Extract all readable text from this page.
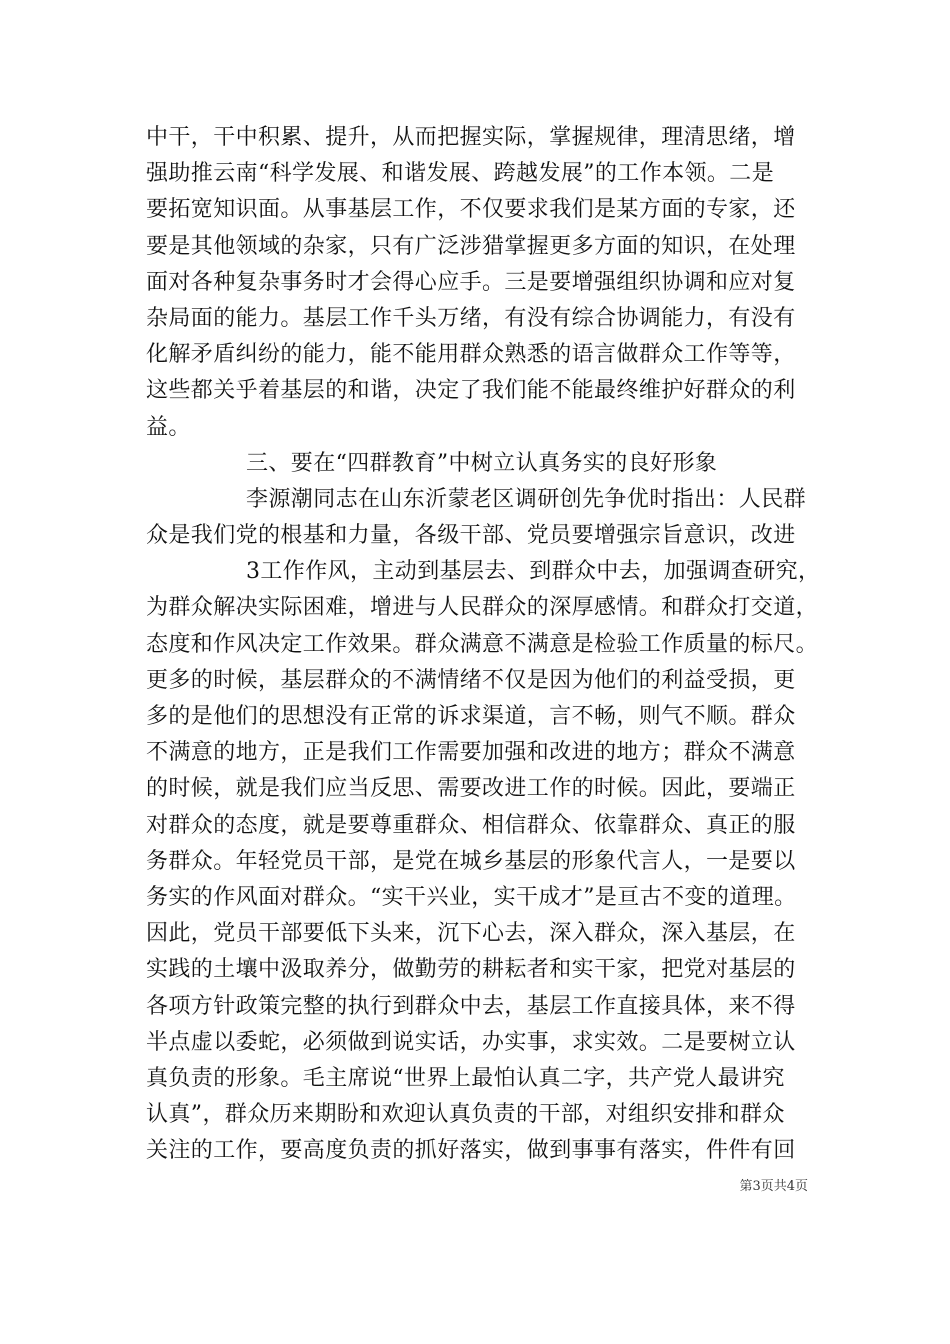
中干，干中积累、提升，从而把握实际，掌握规律，理清思绪，增
强助推云南“科学发展、和谐发展、跨越发展”的工作本领。二是
要拓宽知识面。从事基层工作，不仅要求我们是某方面的专家，还
要是其他领域的杂家，只有广泛涉猎掌握更多方面的知识，在处理
面对各种复杂事务时才会得心应手。三是要增强组织协调和应对复
杂局面的能力。基层工作千头万绪，有没有综合协调能力，有没有
化解矛盾纠纷的能力，能不能用群众熟悉的语言做群众工作等等，
这些都关乎着基层的和谐，决定了我们能不能最终维护好群众的利
益。
三、要在“四群教育”中树立认真务实的良好形象
李源潮同志在山东沂蒙老区调研创先争优时指出：人民群
众是我们党的根基和力量，各级干部、党员要增强宗旨意识，改进
3工作作风，主动到基层去、到群众中去，加强调查研究，
为群众解决实际困难，增进与人民群众的深厚感情。和群众打交道，
态度和作风决定工作效果。群众满意不满意是检验工作质量的标尺。
更多的时候，基层群众的不满情绪不仅是因为他们的利益受损，更
多的是他们的思想没有正常的诉求渠道，言不畅，则气不顺。群众
不满意的地方，正是我们工作需要加强和改进的地方；群众不满意
的时候，就是我们应当反思、需要改进工作的时候。因此，要端正
对群众的态度，就是要尊重群众、相信群众、依靠群众、真正的服
务群众。年轻党员干部，是党在城乡基层的形象代言人，一是要以
务实的作风面对群众。“实干兴业，实干成才”是亘古不变的道理。
因此，党员干部要低下头来，沉下心去，深入群众，深入基层，在
实践的土壤中汲取养分，做勤劳的耕耘者和实干家，把党对基层的
各项方针政策完整的执行到群众中去，基层工作直接具体，来不得
半点虚以委蛇，必须做到说实话，办实事，求实效。二是要树立认
真负责的形象。毛主席说“世界上最怕认真二字，共产党人最讲究
认真”，群众历来期盼和欢迎认真负责的干部，对组织安排和群众
关注的工作，要高度负责的抓好落实，做到事事有落实，件件有回
第3页共4页
